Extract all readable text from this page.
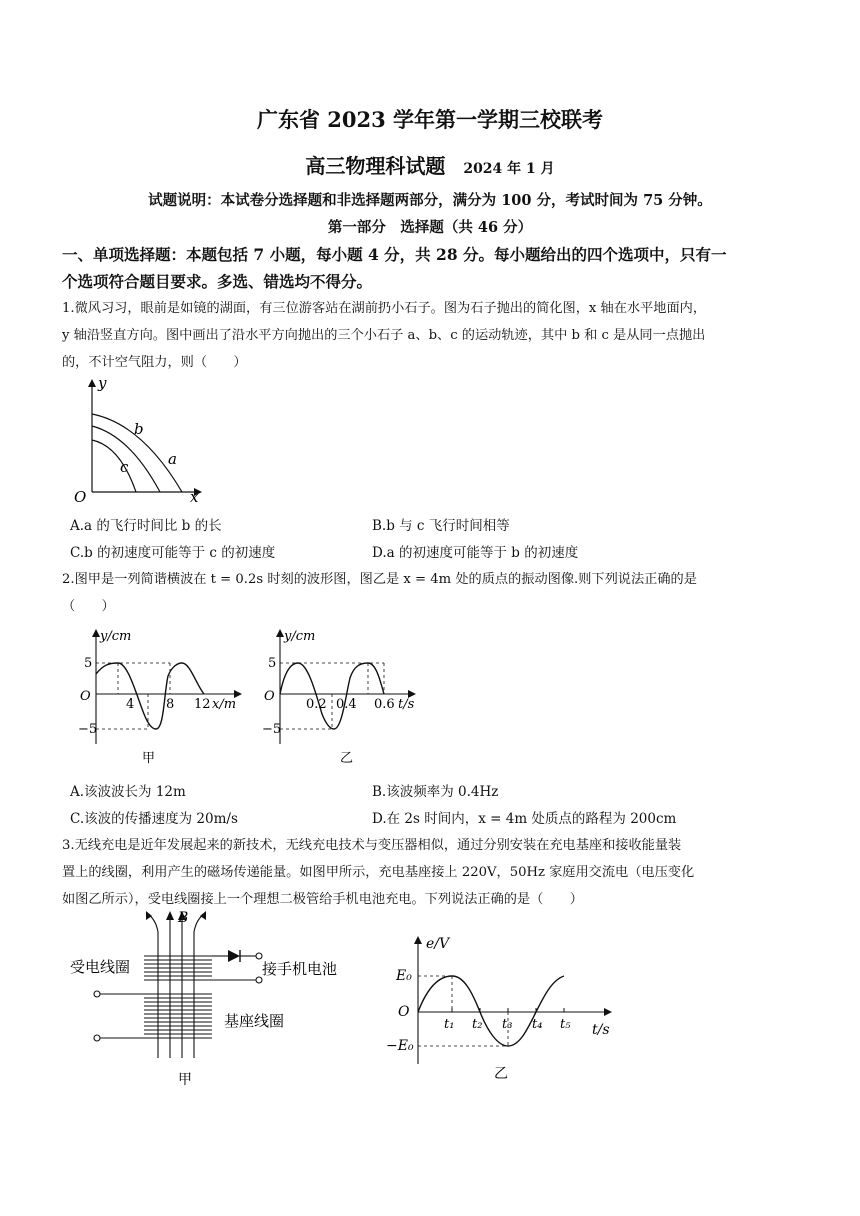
广东省 2023 学年第一学期三校联考
高三物理科试题 2024 年 1 月
试题说明：本试卷分选择题和非选择题两部分，满分为 100 分，考试时间为 75 分钟。
第一部分　选择题（共 46 分）
一、单项选择题：本题包括 7 小题，每小题 4 分，共 28 分。每小题给出的四个选项中，只有一
个选项符合题目要求。多选、错选均不得分。
1.微风习习，眼前是如镜的湖面，有三位游客站在湖前扔小石子。图为石子抛出的简化图，x 轴在水平地面内，
y 轴沿竖直方向。图中画出了沿水平方向抛出的三个小石子 a、b、c 的运动轨迹，其中 b 和 c 是从同一点抛出
的，不计空气阻力，则（　　）
y
x
O
b
a
c
A.a 的飞行时间比 b 的长	B.b 与 c 飞行时间相等
C.b 的初速度可能等于 c 的初速度	D.a 的初速度可能等于 b 的初速度
2.图甲是一列简谐横波在 t = 0.2s 时刻的波形图，图乙是 x = 4m 处的质点的振动图像.则下列说法正确的是
（　　）
y/cm
x/m
O
5
−5
4 8 12
甲
y/cm
t/s
O
5
−5
0.2 0.4 0.6
乙
A.该波波长为 12m	B.该波频率为 0.4Hz
C.该波的传播速度为 20m/s	D.在 2s 时间内，x = 4m 处质点的路程为 200cm
3.无线充电是近年发展起来的新技术，无线充电技术与变压器相似，通过分别安装在充电基座和接收能量装
置上的线圈，利用产生的磁场传递能量。如图甲所示，充电基座接上 220V，50Hz 家庭用交流电（电压变化
如图乙所示），受电线圈接上一个理想二极管给手机电池充电。下列说法正确的是（　　）
B
受电线圈	接手机电池
基座线圈
甲
e/V
E₀
−E₀
O
t/s
t₁ t₂ t₃ t₄ t₅
乙
